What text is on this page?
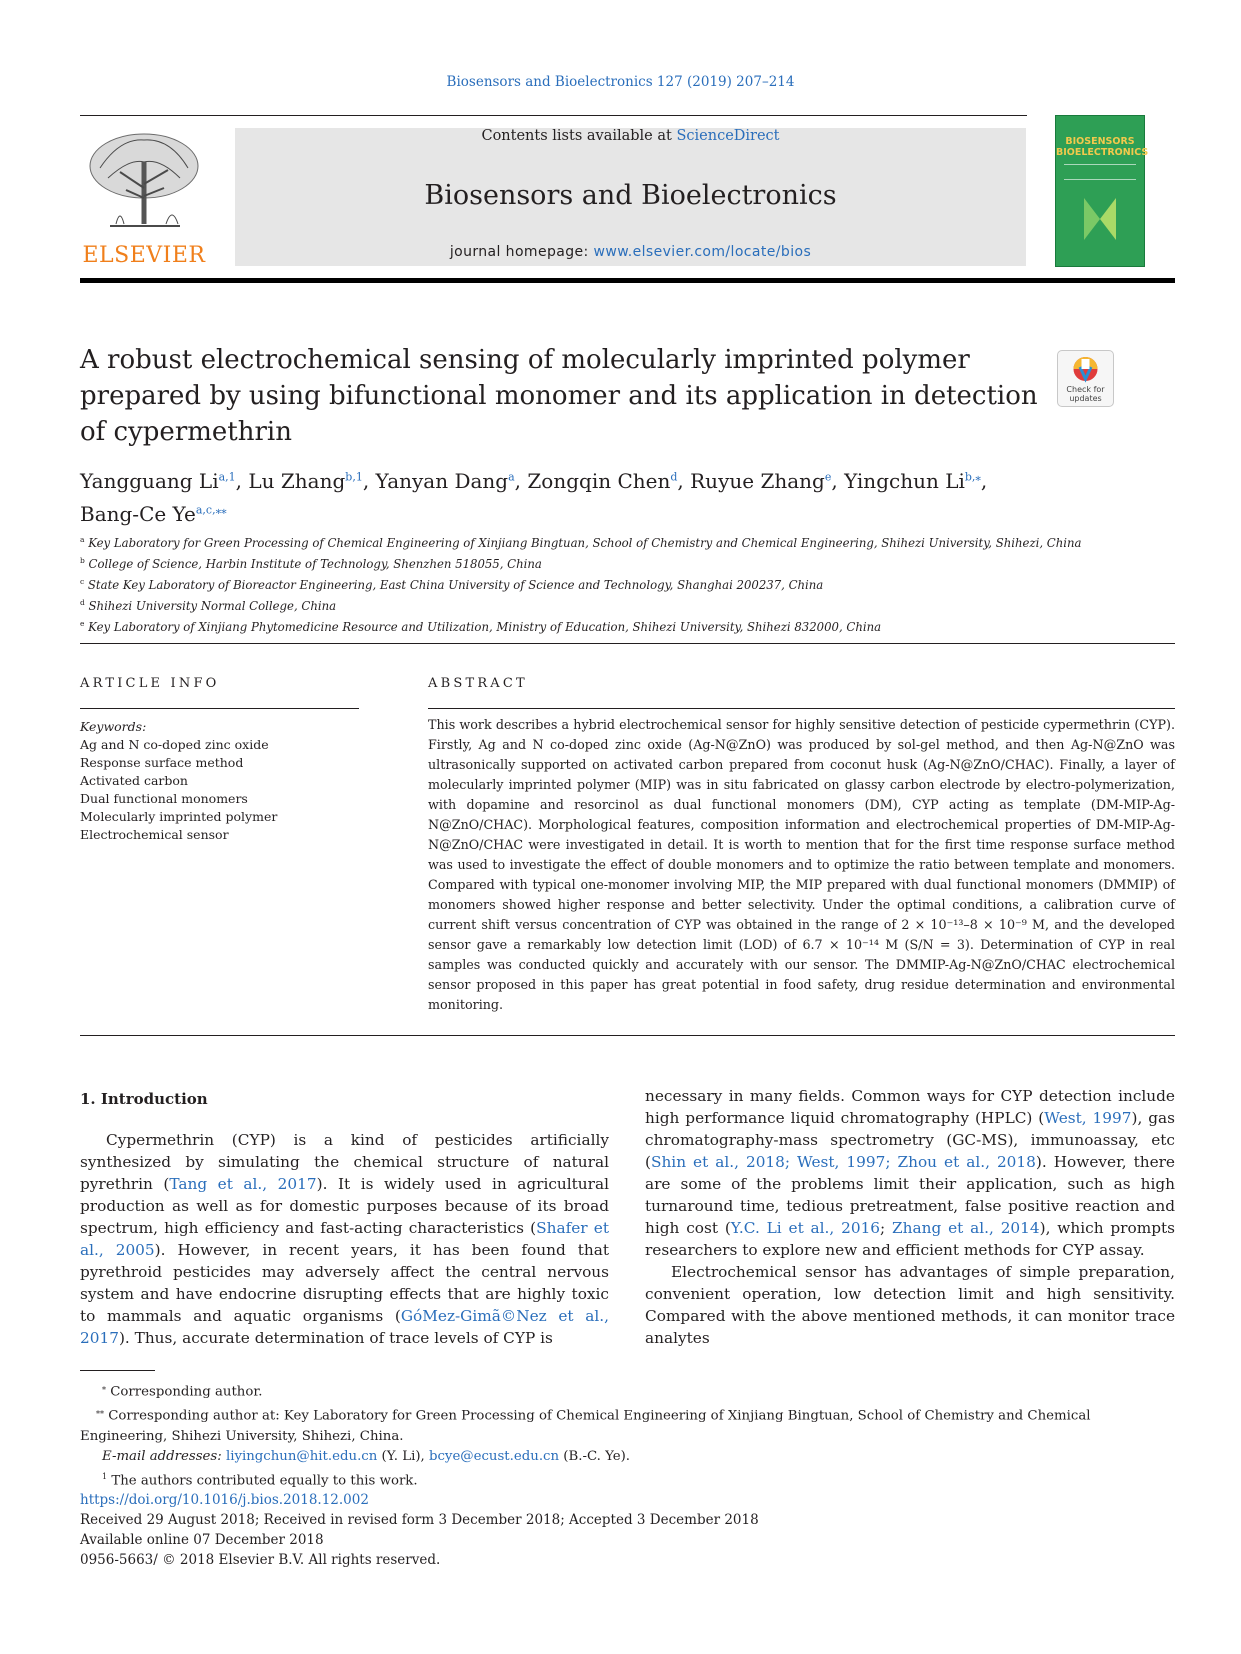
Biosensors and Bioelectronics 127 (2019) 207–214
ELSEVIER
Contents lists available at ScienceDirect
Biosensors and Bioelectronics
journal homepage: www.elsevier.com/locate/bios
BIOSENSORS
BIOELECTRONICS
A robust electrochemical sensing of molecularly imprinted polymer prepared by using bifunctional monomer and its application in detection of cypermethrin
Check for
updates
Yangguang Li$^{a,1}$, Lu Zhang$^{b,1}$, Yanyan Dang$^a$, Zongqin Chen$^d$, Ruyue Zhang$^e$, Yingchun $Li^{b,⁎}$,
Bang-Ce $Ye^{a,c,⁎⁎}$
$^a$ Key Laboratory for Green Processing of Chemical Engineering of Xinjiang Bingtuan, School of Chemistry and Chemical Engineering, Shihezi University, Shihezi, China
$^b$ College of Science, Harbin Institute of Technology, Shenzhen 518055, China
$^c$ State Key Laboratory of Bioreactor Engineering, East China University of Science and Technology, Shanghai 200237, China
$^d$ Shihezi University Normal College, China
$^e$ Key Laboratory of Xinjiang Phytomedicine Resource and Utilization, Ministry of Education, Shihezi University, Shihezi 832000, China
ARTICLE INFO	ABSTRACT
Keywords:
Ag and N co-doped zinc oxide
Response surface method
Activated carbon
Dual functional monomers
Molecularly imprinted polymer
Electrochemical sensor

This work describes a hybrid electrochemical sensor for highly sensitive detection of pesticide cypermethrin (CYP). Firstly, Ag and N co-doped zinc oxide (Ag-N@ZnO) was produced by sol-gel method, and then Ag-N@ZnO was ultrasonically supported on activated carbon prepared from coconut husk (Ag-N@ZnO/CHAC). Finally, a layer of molecularly imprinted polymer (MIP) was in situ fabricated on glassy carbon electrode by electro-polymerization, with dopamine and resorcinol as dual functional monomers (DM), CYP acting as template (DM-MIP-Ag-N@ZnO/CHAC). Morphological features, composition information and electrochemical properties of DM-MIP-Ag-N@ZnO/CHAC were investigated in detail. It is worth to mention that for the first time response surface method was used to investigate the effect of double monomers and to optimize the ratio between template and monomers. Compared with typical one-monomer involving MIP, the MIP prepared with dual functional monomers (DMMIP) of monomers showed higher response and better selectivity. Under the optimal conditions, a calibration curve of current shift versus concentration of CYP was obtained in the range of 2 × 10⁻¹³–8 × 10⁻⁹ M, and the developed sensor gave a remarkably low detection limit (LOD) of 6.7 × 10⁻¹⁴ M (S/N = 3). Determination of CYP in real samples was conducted quickly and accurately with our sensor. The DMMIP-Ag-N@ZnO/CHAC electrochemical sensor proposed in this paper has great potential in food safety, drug residue determination and environmental monitoring.

1. Introduction

Cypermethrin (CYP) is a kind of pesticides artificially synthesized by simulating the chemical structure of natural pyrethrin (Tang et al., 2017). It is widely used in agricultural production as well as for domestic purposes because of its broad spectrum, high efficiency and fast-acting characteristics (Shafer et al., 2005). However, in recent years, it has been found that pyrethroid pesticides may adversely affect the central nervous system and have endocrine disrupting effects that are highly toxic to mammals and aquatic organisms (GóMez-Gimã©Nez et al., 2017). Thus, accurate determination of trace levels of CYP is

necessary in many fields. Common ways for CYP detection include high performance liquid chromatography (HPLC) (West, 1997), gas chromatography-mass spectrometry (GC-MS), immunoassay, etc (Shin et al., 2018; West, 1997; Zhou et al., 2018). However, there are some of the problems limit their application, such as high turnaround time, tedious pretreatment, false positive reaction and high cost (Y.C. Li et al., 2016; Zhang et al., 2014), which prompts researchers to explore new and efficient methods for CYP assay.

Electrochemical sensor has advantages of simple preparation, convenient operation, low detection limit and high sensitivity. Compared with the above mentioned methods, it can monitor trace analytes

⁎ Corresponding author.

⁎⁎ Corresponding author at: Key Laboratory for Green Processing of Chemical Engineering of Xinjiang Bingtuan, School of Chemistry and Chemical Engineering, Shihezi University, Shihezi, China.

E-mail addresses: liyingchun@hit.edu.cn (Y. Li), bcye@ecust.edu.cn (B.-C. Ye).

$^1$ The authors contributed equally to this work.

https://doi.org/10.1016/j.bios.2018.12.002
Received 29 August 2018; Received in revised form 3 December 2018; Accepted 3 December 2018
Available online 07 December 2018
0956-5663/ © 2018 Elsevier B.V. All rights reserved.
